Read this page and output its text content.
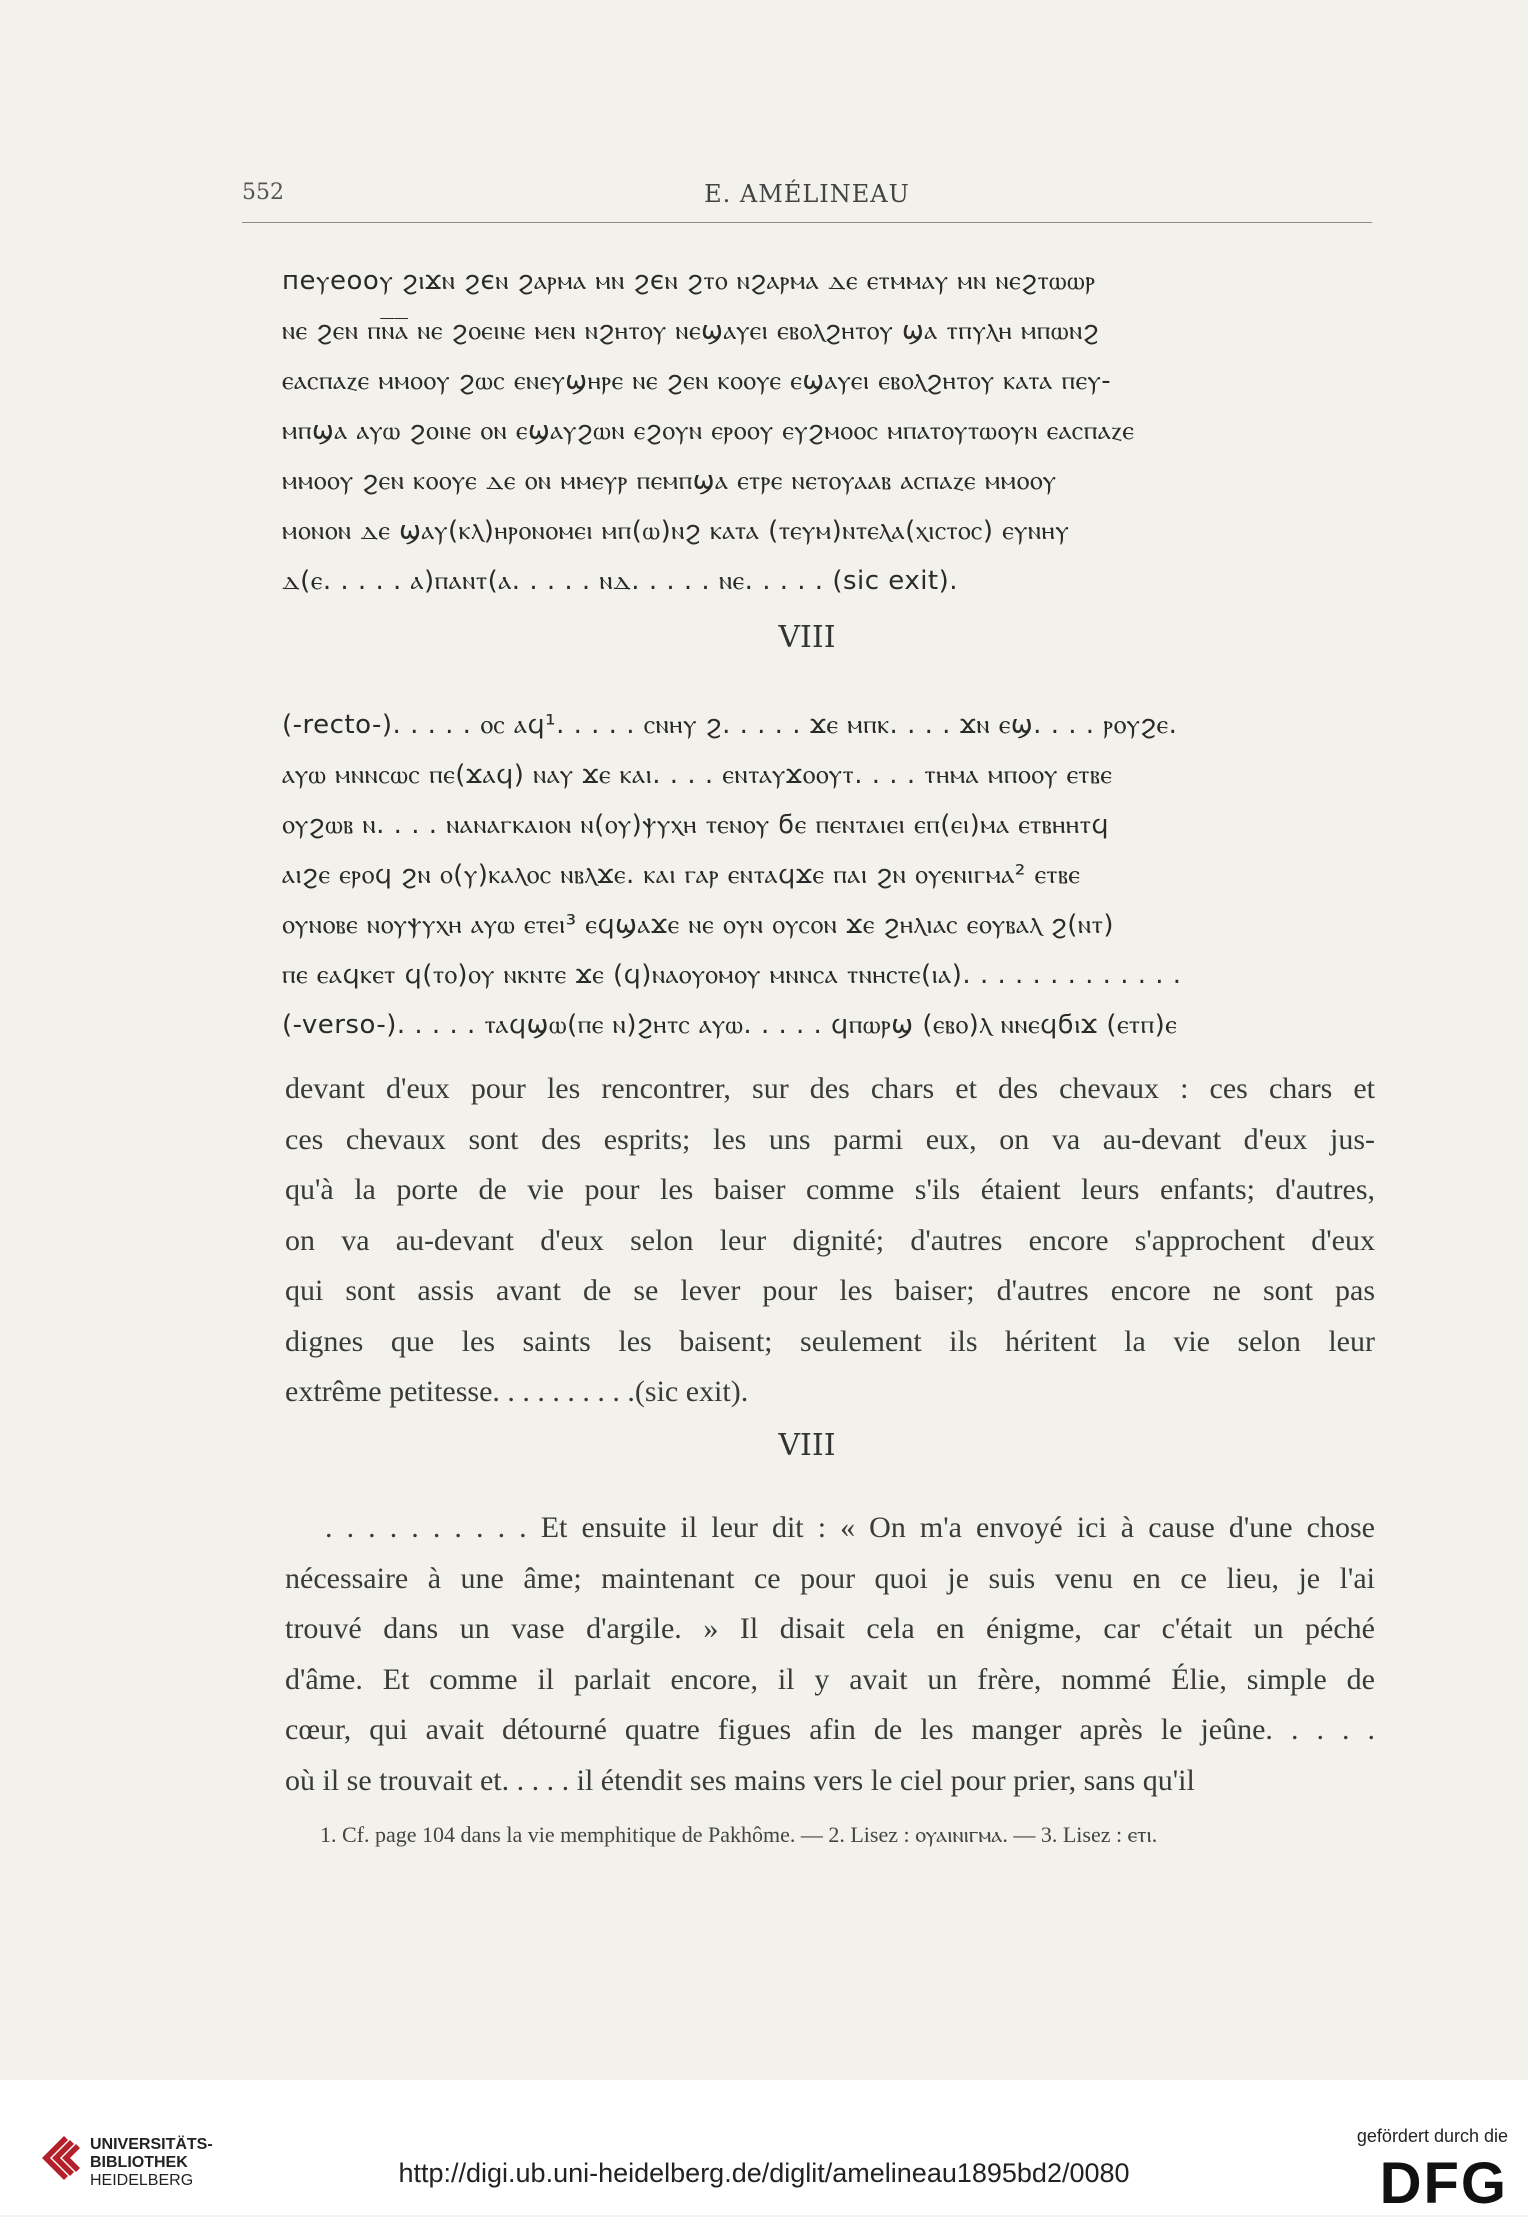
552	E. AMÉLINEAU
пеⲩеооⲩ ϩⲓϫⲛ ϩєⲛ ϩⲁⲣⲙⲁ ⲙⲛ ϩєⲛ ϩⲧⲟ ⲛϩⲁⲣⲙⲁ ⲇⲉ ⲉⲧⲙⲙⲁⲩ ⲙⲛ ⲛⲉϩⲧⲱⲱⲣ
ⲛⲉ ϩⲉⲛ ⲡⲛ̅ⲁ̅ ⲛⲉ ϩⲟⲉⲓⲛⲉ ⲙⲉⲛ ⲛϩⲏⲧⲟⲩ ⲛⲉϣⲁⲩⲉⲓ ⲉⲃⲟⲗϩⲏⲧⲟⲩ ϣⲁ ⲧⲡⲩⲗⲏ ⲙⲡⲱⲛϩ
ⲉⲁⲥⲡⲁⲍⲉ ⲙⲙⲟⲟⲩ ϩⲱⲥ ⲉⲛⲉⲩϣⲏⲣⲉ ⲛⲉ ϩⲉⲛ ⲕⲟⲟⲩⲉ ⲉϣⲁⲩⲉⲓ ⲉⲃⲟⲗϩⲏⲧⲟⲩ ⲕⲁⲧⲁ ⲡⲉⲩ-
ⲙⲡϣⲁ ⲁⲩⲱ ϩⲟⲓⲛⲉ ⲟⲛ ⲉϣⲁⲩϩⲱⲛ ⲉϩⲟⲩⲛ ⲉⲣⲟⲟⲩ ⲉⲩϩⲙⲟⲟⲥ ⲙⲡⲁⲧⲟⲩⲧⲱⲟⲩⲛ ⲉⲁⲥⲡⲁⲍⲉ
ⲙⲙⲟⲟⲩ ϩⲉⲛ ⲕⲟⲟⲩⲉ ⲇⲉ ⲟⲛ ⲙⲙⲉⲩⲣ ⲡⲉⲙⲡϣⲁ ⲉⲧⲣⲉ ⲛⲉⲧⲟⲩⲁⲁⲃ ⲁⲥⲡⲁⲍⲉ ⲙⲙⲟⲟⲩ
ⲙⲟⲛⲟⲛ ⲇⲉ ϣⲁⲩ(ⲕⲗ)ⲏⲣⲟⲛⲟⲙⲉⲓ ⲙⲡ(ⲱ)ⲛϩ ⲕⲁⲧⲁ (ⲧⲉⲩⲙ)ⲛⲧⲉⲗⲁ(ⲭⲓⲥⲧⲟⲥ) ⲉⲩⲛⲏⲩ
ⲇ(ⲉ. . . . . ⲁ)ⲡⲁⲛⲧ(ⲁ. . . . . ⲛⲇ. . . . . ⲛⲉ. . . . . (sic exit).
VIII
(-recto-). . . . . ⲟⲥ ⲁϥ¹. . . . . ⲥⲛⲏⲩ ϩ. . . . . ϫⲉ ⲙⲡⲕ. . . . ϫⲛ ⲉϣ. . . . ⲣⲟⲩϩⲉ.
ⲁⲩⲱ ⲙⲛⲛⲥⲱⲥ ⲡⲉ(ϫⲁϥ) ⲛⲁⲩ ϫⲉ ⲕⲁⲓ. . . . ⲉⲛⲧⲁⲩϫⲟⲟⲩⲧ. . . . ⲧⲏⲙⲁ ⲙⲡⲟⲟⲩ ⲉⲧⲃⲉ
ⲟⲩϩⲱⲃ ⲛ. . . . ⲛⲁⲛⲁⲅⲕⲁⲓⲟⲛ ⲛ(ⲟⲩ)ⲯⲩⲭⲏ ⲧⲉⲛⲟⲩ ϭⲉ ⲡⲉⲛⲧⲁⲓⲉⲓ ⲉⲡ(ⲉⲓ)ⲙⲁ ⲉⲧⲃⲏⲏⲧϥ
ⲁⲓϩⲉ ⲉⲣⲟϥ ϩⲛ ⲟ(ⲩ)ⲕⲁⲗⲟⲥ ⲛⲃⲗϫⲉ. ⲕⲁⲓ ⲅⲁⲣ ⲉⲛⲧⲁϥϫⲉ ⲡⲁⲓ ϩⲛ ⲟⲩⲉⲛⲓⲅⲙⲁ² ⲉⲧⲃⲉ
ⲟⲩⲛⲟⲃⲉ ⲛⲟⲩⲯⲩⲭⲏ ⲁⲩⲱ ⲉⲧⲉⲓ³ ⲉϥϣⲁϫⲉ ⲛⲉ ⲟⲩⲛ ⲟⲩⲥⲟⲛ ϫⲉ ϩⲏⲗⲓⲁⲥ ⲉⲟⲩⲃⲁⲗ ϩ(ⲛⲧ)
ⲡⲉ ⲉⲁϥⲕⲉⲧ ϥ(ⲧⲟ)ⲟⲩ ⲛⲕⲛⲧⲉ ϫⲉ (ϥ)ⲛⲁⲟⲩⲟⲙⲟⲩ ⲙⲛⲛⲥⲁ ⲧⲛⲏⲥⲧⲉ(ⲓⲁ). . . . . . . . . . . . .
(-verso-). . . . . ⲧⲁϥϣⲱ(ⲡⲉ ⲛ)ϩⲏⲧⲥ ⲁⲩⲱ. . . . . ϥⲡⲱⲣϣ (ⲉⲃⲟ)ⲗ ⲛⲛⲉϥϭⲓϫ (ⲉⲧⲡ)ⲉ
devant d'eux pour les rencontrer, sur des chars et des chevaux : ces chars et
ces chevaux sont des esprits; les uns parmi eux, on va au-devant d'eux jus-
qu'à la porte de vie pour les baiser comme s'ils étaient leurs enfants; d'autres,
on va au-devant d'eux selon leur dignité; d'autres encore s'approchent d'eux
qui sont assis avant de se lever pour les baiser; d'autres encore ne sont pas
dignes que les saints les baisent; seulement ils héritent la vie selon leur
extrême petitesse. . . . . . . . . .(sic exit).
VIII
. . . . . . . . . . Et ensuite il leur dit : « On m'a envoyé ici à cause d'une chose
nécessaire à une âme; maintenant ce pour quoi je suis venu en ce lieu, je l'ai
trouvé dans un vase d'argile. » Il disait cela en énigme, car c'était un péché
d'âme. Et comme il parlait encore, il y avait un frère, nommé Élie, simple de
cœur, qui avait détourné quatre figues afin de les manger après le jeûne. . . . .
où il se trouvait et. . . . . il étendit ses mains vers le ciel pour prier, sans qu'il
1. Cf. page 104 dans la vie memphitique de Pakhôme. — 2. Lisez : ⲟⲩⲁⲓⲛⲓⲅⲙⲁ. — 3. Lisez : ⲉⲧⲓ.
UNIVERSITÄTS-
BIBLIOTHEK
HEIDELBERG	http://digi.ub.uni-heidelberg.de/diglit/amelineau1895bd2/0080
gefördert durch die
DFG
